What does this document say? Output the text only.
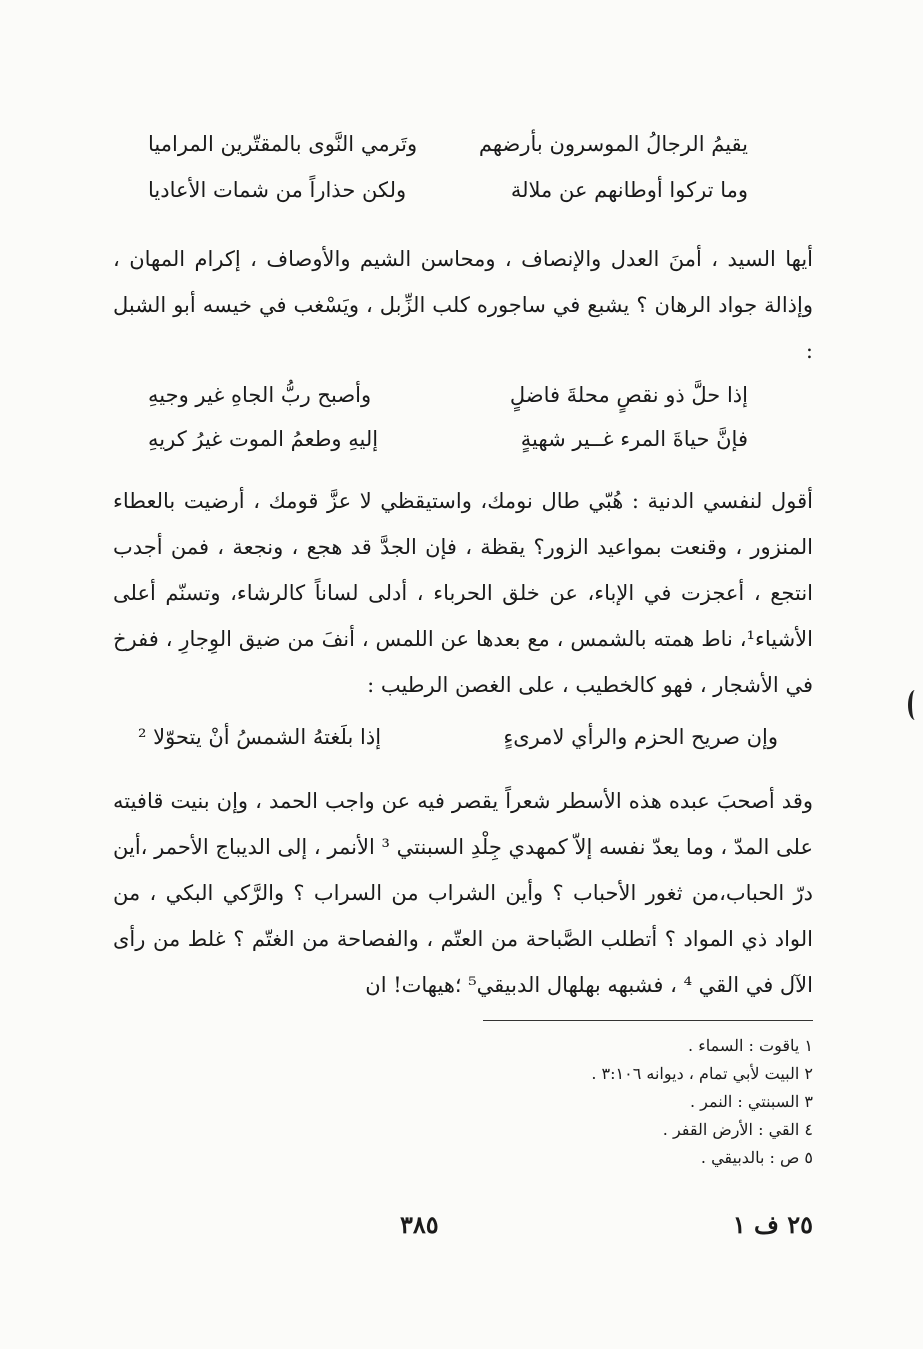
يقيمُ الرجالُ الموسرون بأرضهم
وتَرمي النَّوى بالمقتّرين المراميا
وما تركوا أوطانهم عن ملالة
ولكن حذاراً من شمات الأعاديا

أيها السيد ، أمنَ العدل والإنصاف ، ومحاسن الشيم والأوصاف ، إكرام المهان ، وإذالة جواد الرهان ؟ يشبع في ساجوره كلب الزِّبل ، ويَسْغب في خيسه أبو الشبل :

إذا حلَّ ذو نقصٍ محلةَ فاضلٍ
وأصبح ربُّ الجاهِ غير وجيهِ
فإنَّ حياةَ المرء غــير شهيةٍ
إليهِ وطعمُ الموت غيرُ كريهِ

أقول لنفسي الدنية : هُبّي طال نومك، واستيقظي لا عزَّ قومك ، أرضيت بالعطاء المنزور ، وقنعت بمواعيد الزور؟ يقظة ، فإن الجدَّ قد هجع ، ونجعة ، فمن أجدب انتجع ، أعجزت في الإباء، عن خلق الحرباء ، أدلى لساناً كالرشاء، وتسنّم أعلى الأشياء¹، ناط همته بالشمس ، مع بعدها عن اللمس ، أنفَ من ضيق الوِجارِ ، ففرخ في الأشجار ، فهو كالخطيب ، على الغصن الرطيب :

وإن صريح الحزم والرأي لامرىءٍ
إذا بلَغتهُ الشمسُ أنْ يتحوّلا ²

وقد أصحبَ عبده هذه الأسطر شعراً يقصر فيه عن واجب الحمد ، وإن بنيت قافيته على المدّ ، وما يعدّ نفسه إلاّ كمهدي جِلْدِ السبنتي ³ الأنمر ، إلى الديباج الأحمر ،أين درّ الحباب،من ثغور الأحباب ؟ وأين الشراب من السراب ؟ والرَّكي البكي ، من الواد ذي المواد ؟ أتطلب الصَّباحة من العتّم ، والفصاحة من الغتّم ؟ غلط من رأى الآل في القي ⁴ ، فشبهه بهلهال الدبيقي⁵ ؛هيهات! ان

١ ياقوت : السماء .
٢ البيت لأبي تمام ، ديوانه ٣:١٠٦ .
٣ السبنتي : النمر .
٤ القي : الأرض القفر .
٥ ص : بالدبيقي .
٣٨٥	٢٥ ف ١
